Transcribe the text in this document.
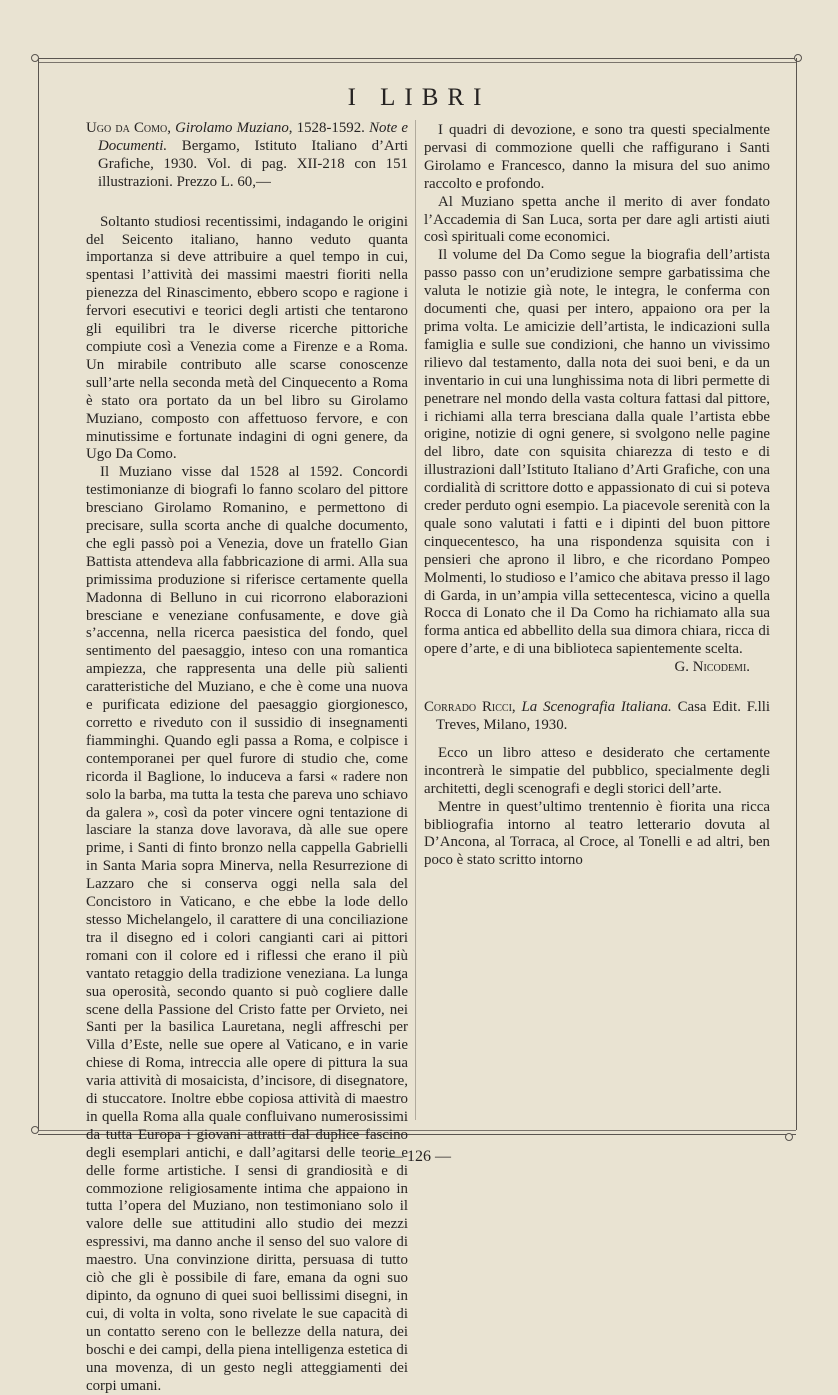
I LIBRI

Ugo da Como, Girolamo Muziano, 1528-1592. Note e Documenti. Bergamo, Istituto Italiano d’Arti Grafiche, 1930. Vol. di pag. XII-218 con 151 illustrazioni. Prezzo L. 60,—

Soltanto studiosi recentissimi, indagando le origini del Seicento italiano, hanno veduto quanta importanza si deve attribuire a quel tempo in cui, spentasi l’attività dei massimi maestri fioriti nella pienezza del Rinascimento, ebbero scopo e ragione i fervori esecutivi e teorici degli artisti che tentarono gli equilibri tra le diverse ricerche pittoriche compiute così a Venezia come a Firenze e a Roma. Un mirabile contributo alle scarse conoscenze sull’arte nella seconda metà del Cinquecento a Roma è stato ora portato da un bel libro su Girolamo Muziano, composto con affettuoso fervore, e con minutissime e fortunate indagini di ogni genere, da Ugo Da Como.

Il Muziano visse dal 1528 al 1592. Concordi testimonianze di biografi lo fanno scolaro del pittore bresciano Girolamo Romanino, e permettono di precisare, sulla scorta anche di qualche documento, che egli passò poi a Venezia, dove un fratello Gian Battista attendeva alla fabbricazione di armi. Alla sua primissima produzione si riferisce certamente quella Madonna di Belluno in cui ricorrono elaborazioni bresciane e veneziane confusamente, e dove già s’accenna, nella ricerca paesistica del fondo, quel sentimento del paesaggio, inteso con una romantica ampiezza, che rappresenta una delle più salienti caratteristiche del Muziano, e che è come una nuova e purificata edizione del paesaggio giorgionesco, corretto e riveduto con il sussidio di insegnamenti fiamminghi. Quando egli passa a Roma, e colpisce i contemporanei per quel furore di studio che, come ricorda il Baglione, lo induceva a farsi « radere non solo la barba, ma tutta la testa che pareva uno schiavo da galera », così da poter vincere ogni tentazione di lasciare la stanza dove lavorava, dà alle sue opere prime, i Santi di finto bronzo nella cappella Gabrielli in Santa Maria sopra Minerva, nella Resurrezione di Lazzaro che si conserva oggi nella sala del Concistoro in Vaticano, e che ebbe la lode dello stesso Michelangelo, il carattere di una conciliazione tra il disegno ed i colori cangianti cari ai pittori romani con il colore ed i riflessi che erano il più vantato retaggio della tradizione veneziana. La lunga sua operosità, secondo quanto si può cogliere dalle scene della Passione del Cristo fatte per Orvieto, nei Santi per la basilica Lauretana, negli affreschi per Villa d’Este, nelle sue opere al Vaticano, e in varie chiese di Roma, intreccia alle opere di pittura la sua varia attività di mosaicista, d’incisore, di disegnatore, di stuccatore. Inoltre ebbe copiosa attività di maestro in quella Roma alla quale confluivano numerosissimi da tutta Europa i giovani attratti dal duplice fascino degli esemplari antichi, e dall’agitarsi delle teorie e delle forme artistiche. I sensi di grandiosità e di commozione religiosamente intima che appaiono in tutta l’opera del Muziano, non testimoniano solo il valore delle sue attitudini allo studio dei mezzi espressivi, ma danno anche il senso del suo valore di maestro. Una convinzione diritta, persuasa di tutto ciò che gli è possibile di fare, emana da ogni suo dipinto, da ognuno di quei suoi bellissimi disegni, in cui, di volta in volta, sono rivelate le sue capacità di un contatto sereno con le bellezze della natura, dei boschi e dei campi, della piena intelligenza estetica di una movenza, di un gesto negli atteggiamenti dei corpi umani.

I quadri di devozione, e sono tra questi specialmente pervasi di commozione quelli che raffigurano i Santi Girolamo e Francesco, danno la misura del suo animo raccolto e profondo.

Al Muziano spetta anche il merito di aver fondato l’Accademia di San Luca, sorta per dare agli artisti aiuti così spirituali come economici.

Il volume del Da Como segue la biografia dell’artista passo passo con un’erudizione sempre garbatissima che valuta le notizie già note, le integra, le conferma con documenti che, quasi per intero, appaiono ora per la prima volta. Le amicizie dell’artista, le indicazioni sulla famiglia e sulle sue condizioni, che hanno un vivissimo rilievo dal testamento, dalla nota dei suoi beni, e da un inventario in cui una lunghissima nota di libri permette di penetrare nel mondo della vasta coltura fattasi dal pittore, i richiami alla terra bresciana dalla quale l’artista ebbe origine, notizie di ogni genere, si svolgono nelle pagine del libro, date con squisita chiarezza di testo e di illustrazioni dall’Istituto Italiano d’Arti Grafiche, con una cordialità di scrittore dotto e appassionato di cui si poteva creder perduto ogni esempio. La piacevole serenità con la quale sono valutati i fatti e i dipinti del buon pittore cinquecentesco, ha una rispondenza squisita con i pensieri che aprono il libro, e che ricordano Pompeo Molmenti, lo studioso e l’amico che abitava presso il lago di Garda, in un’ampia villa settecentesca, vicino a quella Rocca di Lonato che il Da Como ha richiamato alla sua forma antica ed abbellito della sua dimora chiara, ricca di opere d’arte, e di una biblioteca sapientemente scelta.

G. Nicodemi.

Corrado Ricci, La Scenografia Italiana. Casa Edit. F.lli Treves, Milano, 1930.

Ecco un libro atteso e desiderato che certamente incontrerà le simpatie del pubblico, specialmente degli architetti, degli scenografi e degli storici dell’arte.

Mentre in quest’ultimo trentennio è fiorita una ricca bibliografia intorno al teatro letterario dovuta al D’Ancona, al Torraca, al Croce, al Tonelli e ad altri, ben poco è stato scritto intorno

— 126 —
